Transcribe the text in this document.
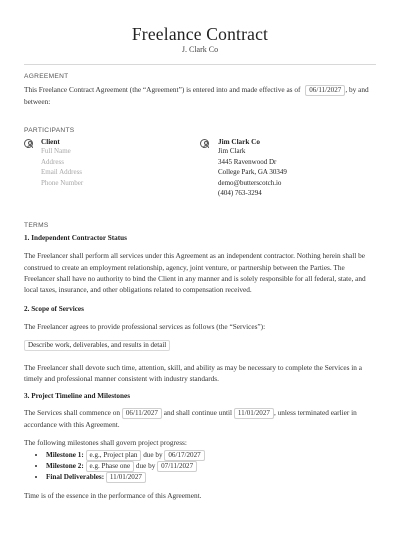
Freelance Contract
J. Clark Co
AGREEMENT
This Freelance Contract Agreement (the “Agreement”) is entered into and made effective as of 06/11/2027 , by and between:
PARTICIPANTS
Client
Full Name
Address
Email Address
Phone Number
Jim Clark Co
Jim Clark
3445 Ravenwood Dr
College Park, GA 30349
demo@butterscotch.io
(404) 763-3294
TERMS
1. Independent Contractor Status
The Freelancer shall perform all services under this Agreement as an independent contractor. Nothing herein shall be construed to create an employment relationship, agency, joint venture, or partnership between the Parties. The Freelancer shall have no authority to bind the Client in any manner and is solely responsible for all federal, state, and local taxes, insurance, and other obligations related to compensation received.
2. Scope of Services
The Freelancer agrees to provide professional services as follows (the “Services”):
Describe work, deliverables, and results in detail
The Freelancer shall devote such time, attention, skill, and ability as may be necessary to complete the Services in a timely and professional manner consistent with industry standards.
3. Project Timeline and Milestones
The Services shall commence on 06/11/2027 and shall continue until 11/01/2027 , unless terminated earlier in accordance with this Agreement.
The following milestones shall govern project progress:
• Milestone 1: e.g., Project plan due by 06/17/2027
• Milestone 2: e.g. Phase one due by 07/11/2027
• Final Deliverables: 11/01/2027
Time is of the essence in the performance of this Agreement.
